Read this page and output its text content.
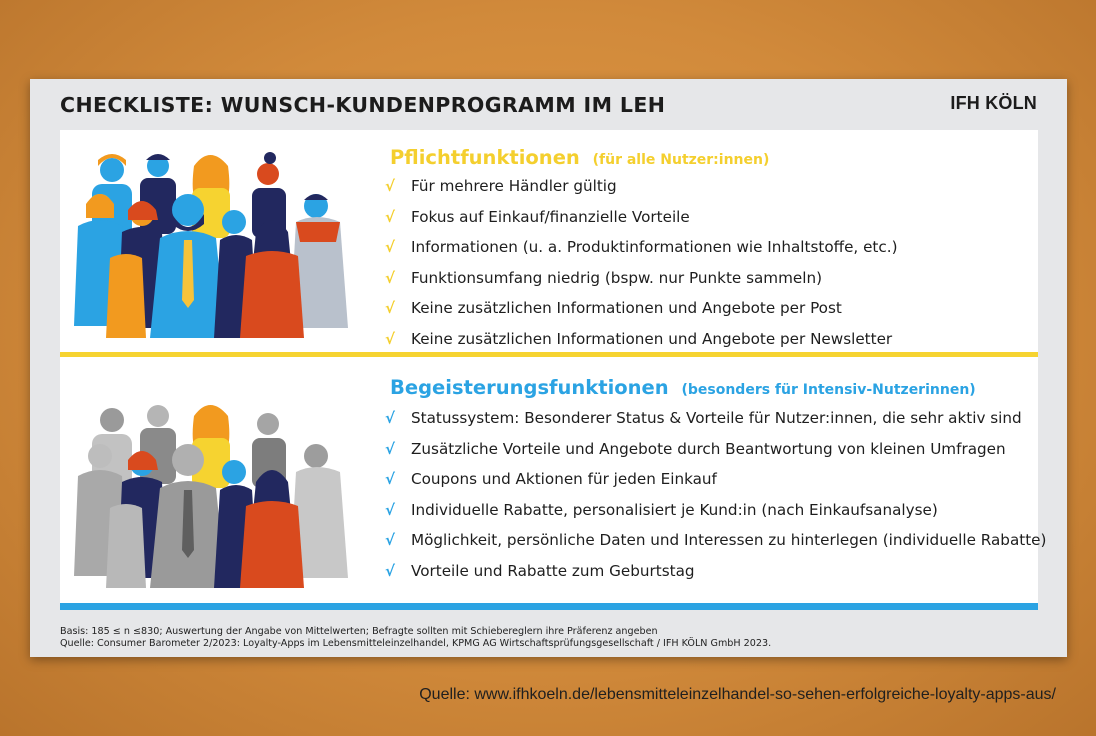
CHECKLISTE: WUNSCH-KUNDENPROGRAMM IM LEH	IFH KÖLN
Pflichtfunktionen (für alle Nutzer:innen)
√ Für mehrere Händler gültig
√ Fokus auf Einkauf/finanzielle Vorteile
√ Informationen (u. a. Produktinformationen wie Inhaltstoffe, etc.)
√ Funktionsumfang niedrig (bspw. nur Punkte sammeln)
√ Keine zusätzlichen Informationen und Angebote per Post
√ Keine zusätzlichen Informationen und Angebote per Newsletter
Begeisterungsfunktionen (besonders für Intensiv-Nutzerinnen)
√ Statussystem: Besonderer Status & Vorteile für Nutzer:innen, die sehr aktiv sind
√ Zusätzliche Vorteile und Angebote durch Beantwortung von kleinen Umfragen
√ Coupons und Aktionen für jeden Einkauf
√ Individuelle Rabatte, personalisiert je Kund:in (nach Einkaufsanalyse)
√ Möglichkeit, persönliche Daten und Interessen zu hinterlegen (individuelle Rabatte)
√ Vorteile und Rabatte zum Geburtstag
Basis: 185 ≤ n ≤830; Auswertung der Angabe von Mittelwerten; Befragte sollten mit Schiebereglern ihre Präferenz angeben
Quelle: Consumer Barometer 2/2023: Loyalty-Apps im Lebensmitteleinzelhandel, KPMG AG Wirtschaftsprüfungsgesellschaft / IFH KÖLN GmbH 2023.
Quelle: www.ifhkoeln.de/lebensmitteleinzelhandel-so-sehen-erfolgreiche-loyalty-apps-aus/
